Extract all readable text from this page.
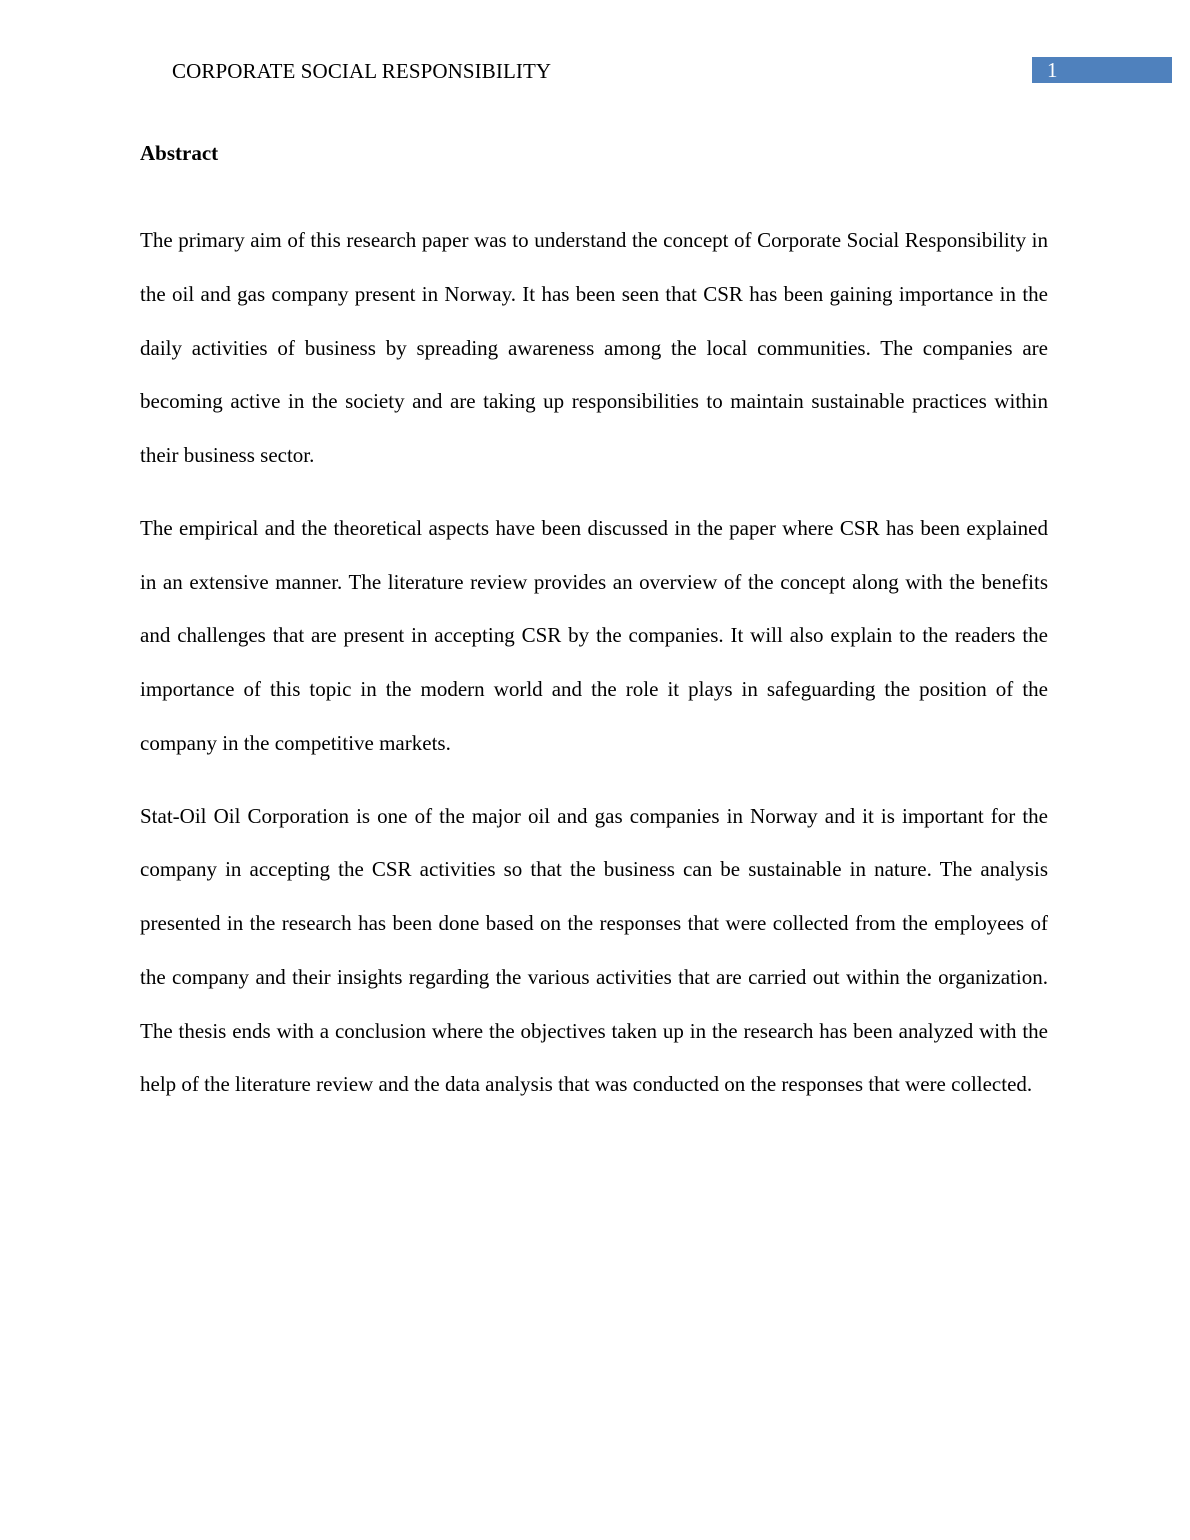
CORPORATE SOCIAL RESPONSIBILITY	1
Abstract

The primary aim of this research paper was to understand the concept of Corporate Social Responsibility in the oil and gas company present in Norway. It has been seen that CSR has been gaining importance in the daily activities of business by spreading awareness among the local communities. The companies are becoming active in the society and are taking up responsibilities to maintain sustainable practices within their business sector.

The empirical and the theoretical aspects have been discussed in the paper where CSR has been explained in an extensive manner. The literature review provides an overview of the concept along with the benefits and challenges that are present in accepting CSR by the companies. It will also explain to the readers the importance of this topic in the modern world and the role it plays in safeguarding the position of the company in the competitive markets.

Stat-Oil Oil Corporation is one of the major oil and gas companies in Norway and it is important for the company in accepting the CSR activities so that the business can be sustainable in nature. The analysis presented in the research has been done based on the responses that were collected from the employees of the company and their insights regarding the various activities that are carried out within the organization. The thesis ends with a conclusion where the objectives taken up in the research has been analyzed with the help of the literature review and the data analysis that was conducted on the responses that were collected.
